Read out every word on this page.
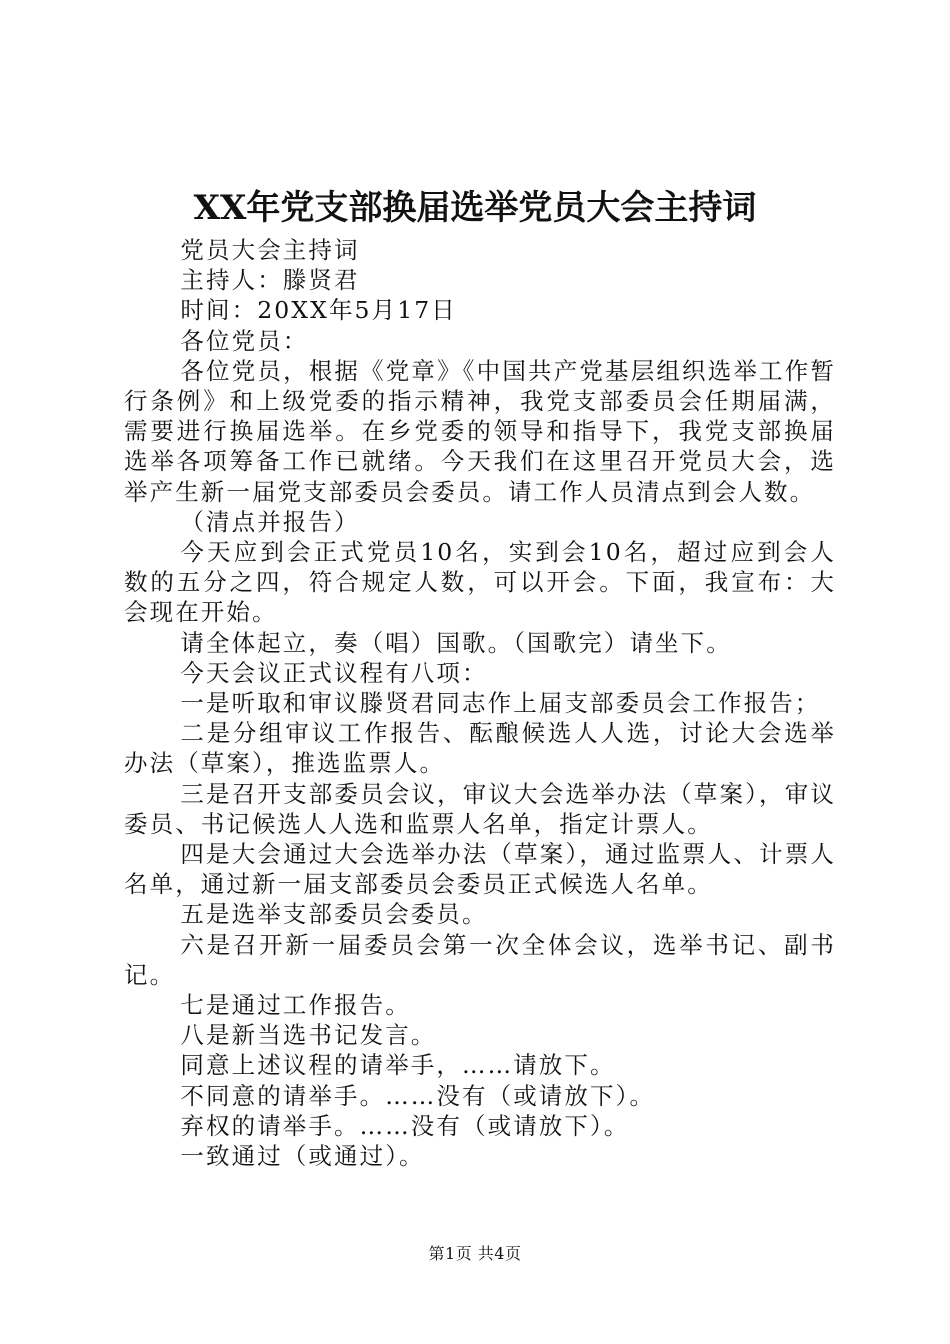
XX年党支部换届选举党员大会主持词

党员大会主持词

主持人：滕贤君

时间：20XX年5月17日

各位党员：

各位党员，根据《党章》《中国共产党基层组织选举工作暂行条例》和上级党委的指示精神，我党支部委员会任期届满，需要进行换届选举。在乡党委的领导和指导下，我党支部换届选举各项筹备工作已就绪。今天我们在这里召开党员大会，选举产生新一届党支部委员会委员。请工作人员清点到会人数。

（清点并报告）

今天应到会正式党员10名，实到会10名，超过应到会人数的五分之四，符合规定人数，可以开会。下面，我宣布：大会现在开始。

请全体起立，奏（唱）国歌。（国歌完）请坐下。

今天会议正式议程有八项：

一是听取和审议滕贤君同志作上届支部委员会工作报告；

二是分组审议工作报告、酝酿候选人人选，讨论大会选举办法（草案），推选监票人。

三是召开支部委员会议，审议大会选举办法（草案），审议委员、书记候选人人选和监票人名单，指定计票人。

四是大会通过大会选举办法（草案），通过监票人、计票人名单，通过新一届支部委员会委员正式候选人名单。

五是选举支部委员会委员。

六是召开新一届委员会第一次全体会议，选举书记、副书记。

七是通过工作报告。

八是新当选书记发言。

同意上述议程的请举手，……请放下。

不同意的请举手。……没有（或请放下）。

弃权的请举手。……没有（或请放下）。

一致通过（或通过）。

第1页 共4页
